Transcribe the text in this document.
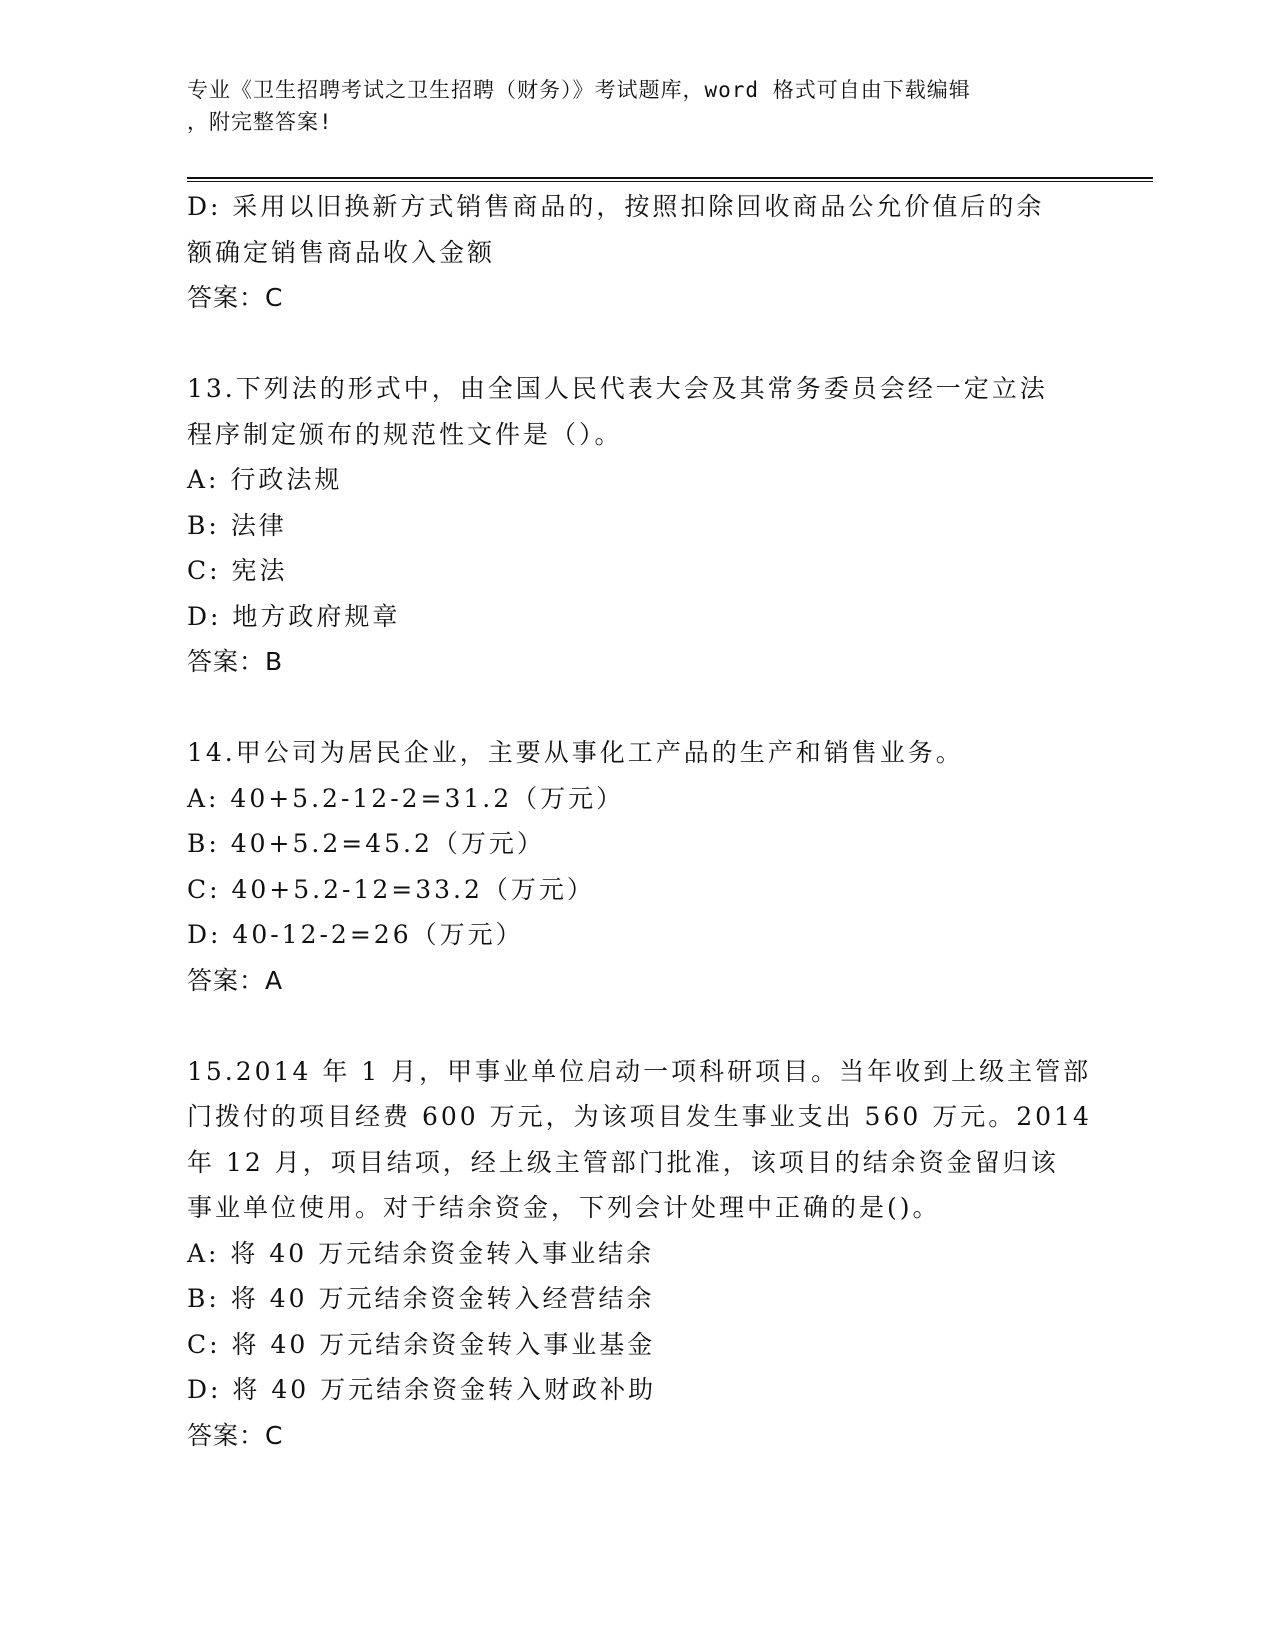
专业《卫生招聘考试之卫生招聘（财务）》考试题库，word 格式可自由下载编辑
，附完整答案!
D: 采用以旧换新方式销售商品的，按照扣除回收商品公允价值后的余
额确定销售商品收入金额
答案：C
13.下列法的形式中，由全国人民代表大会及其常务委员会经一定立法
程序制定颁布的规范性文件是（）。
A: 行政法规
B: 法律
C: 宪法
D: 地方政府规章
答案：B
14.甲公司为居民企业，主要从事化工产品的生产和销售业务。
A: 40+5.2-12-2=31.2（万元）
B: 40+5.2=45.2（万元）
C: 40+5.2-12=33.2（万元）
D: 40-12-2=26（万元）
答案：A
15.2014 年 1 月，甲事业单位启动一项科研项目。当年收到上级主管部
门拨付的项目经费 600 万元，为该项目发生事业支出 560 万元。2014
年 12 月，项目结项，经上级主管部门批准，该项目的结余资金留归该
事业单位使用。对于结余资金，下列会计处理中正确的是()。
A: 将 40 万元结余资金转入事业结余
B: 将 40 万元结余资金转入经营结余
C: 将 40 万元结余资金转入事业基金
D: 将 40 万元结余资金转入财政补助
答案：C
